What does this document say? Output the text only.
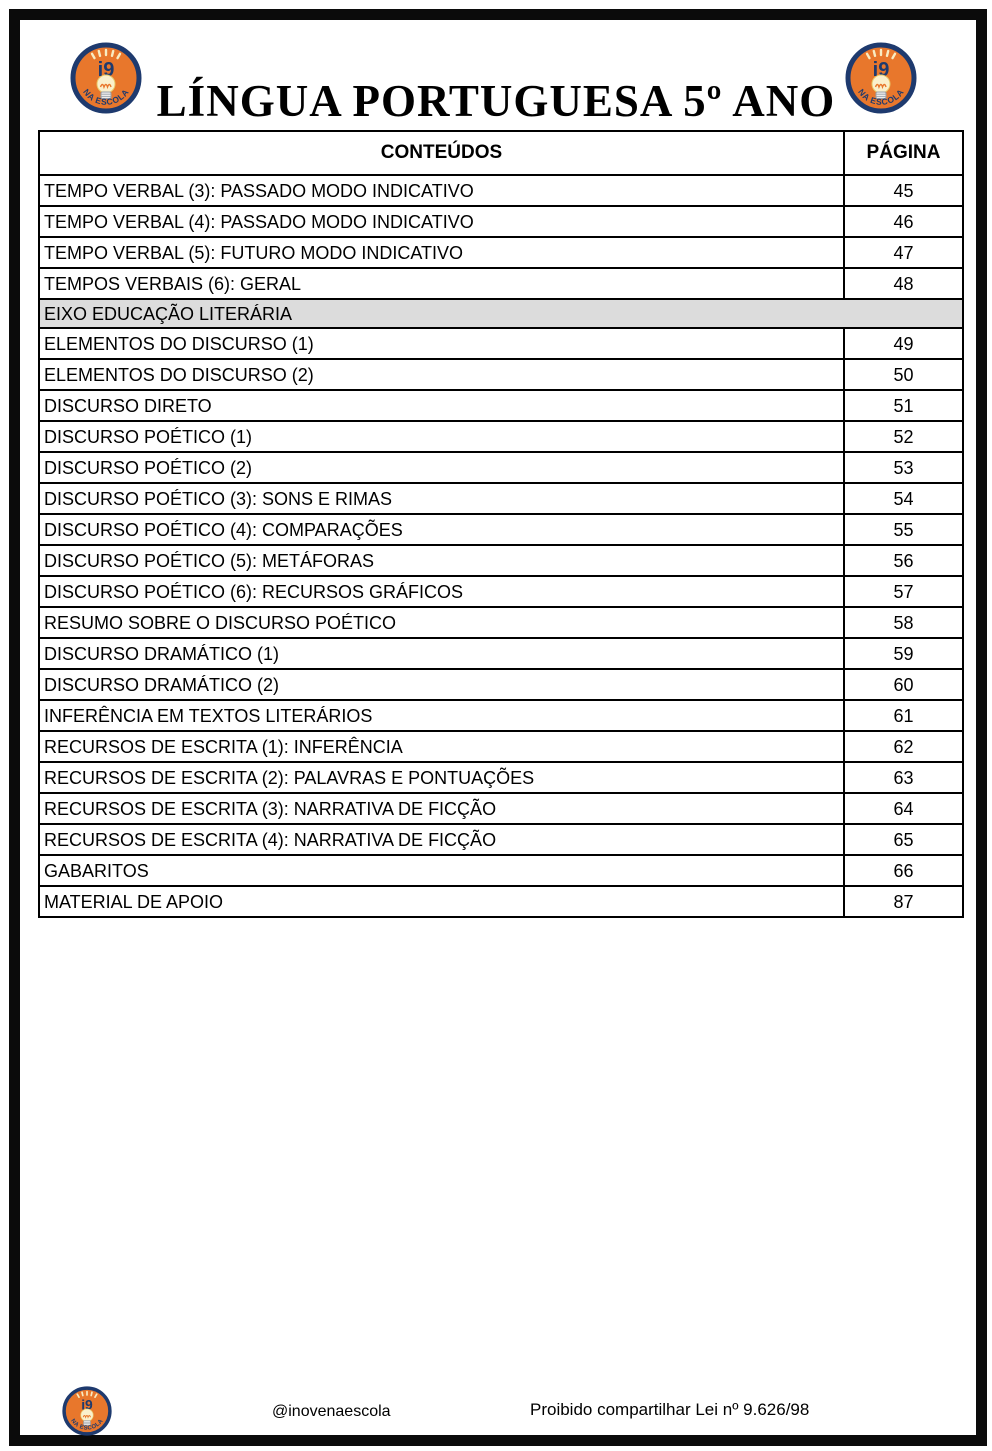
LÍNGUA PORTUGUESA 5º ANO
CONTEÚDOS	PÁGINA
TEMPO VERBAL (3): PASSADO MODO INDICATIVO	45
TEMPO VERBAL (4): PASSADO MODO INDICATIVO	46
TEMPO VERBAL (5): FUTURO MODO INDICATIVO	47
TEMPOS VERBAIS (6): GERAL	48
EIXO EDUCAÇÃO LITERÁRIA	
ELEMENTOS DO DISCURSO (1)	49
ELEMENTOS DO DISCURSO (2)	50
DISCURSO DIRETO	51
DISCURSO POÉTICO (1)	52
DISCURSO POÉTICO (2)	53
DISCURSO POÉTICO (3): SONS E RIMAS	54
DISCURSO POÉTICO (4): COMPARAÇÕES	55
DISCURSO POÉTICO (5): METÁFORAS	56
DISCURSO POÉTICO (6): RECURSOS GRÁFICOS	57
RESUMO SOBRE O DISCURSO POÉTICO	58
DISCURSO DRAMÁTICO (1)	59
DISCURSO DRAMÁTICO (2)	60
INFERÊNCIA EM TEXTOS LITERÁRIOS	61
RECURSOS DE ESCRITA (1): INFERÊNCIA	62
RECURSOS DE ESCRITA (2): PALAVRAS E PONTUAÇÕES	63
RECURSOS DE ESCRITA (3): NARRATIVA DE FICÇÃO	64
RECURSOS DE ESCRITA (4): NARRATIVA DE FICÇÃO	65
GABARITOS	66
MATERIAL DE APOIO	87
@inovenaescola	Proibido compartilhar Lei nº 9.626/98
